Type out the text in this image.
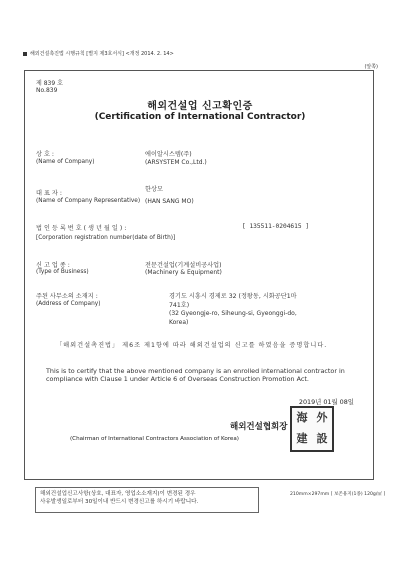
해외건설촉진법 시행규칙 [별지 제3호서식] <개정 2014. 2. 14>
(앞쪽)
제 839 호
No.839
해외건설업 신고확인증
(Certification of International Contractor)
상 호 :
(Name of Company)
에이알시스템(주)
(ARSYSTEM Co.,Ltd.)
대 표 자 :
(Name of Company Representative)
한상모
(HAN SANG MO)
법 인 등 록 번 호 ( 생 년 월 일 ) :	[ 135511-0204615 ]
[Corporation registration number(date of Birth)]
신 고 업 종 :
(Type of Business)
전문건설업(기계설비공사업)
(Machinery & Equipment)
주된 사무소의 소재지 :
(Address of Company)
경기도 시흥시 경제로 32 (정왕동, 시화공단1마
741호)
(32 Gyeongje-ro, Siheung-si, Gyeonggi-do,
Korea)
「해외건설촉진법」 제6조 제1항에 따라 해외건설업의 신고를 하였음을 증명합니다.
This is to certify that the above mentioned company is an enrolled international contractor in compliance with Clause 1 under Article 6 of Overseas Construction Promotion Act.
2019년 01월 08일
해외건설협회장
(Chairman of International Contractors Association of Korea)
海 外
建 設
해외건설업신고사항(상호, 대표자, 영업소소재지)이 변경된 경우
사유발생일로부터 30일이내 반드시 변경신고를 하시기 바랍니다.
210mm×297mm [ 보존용지(1종) 120g/㎡ ]
